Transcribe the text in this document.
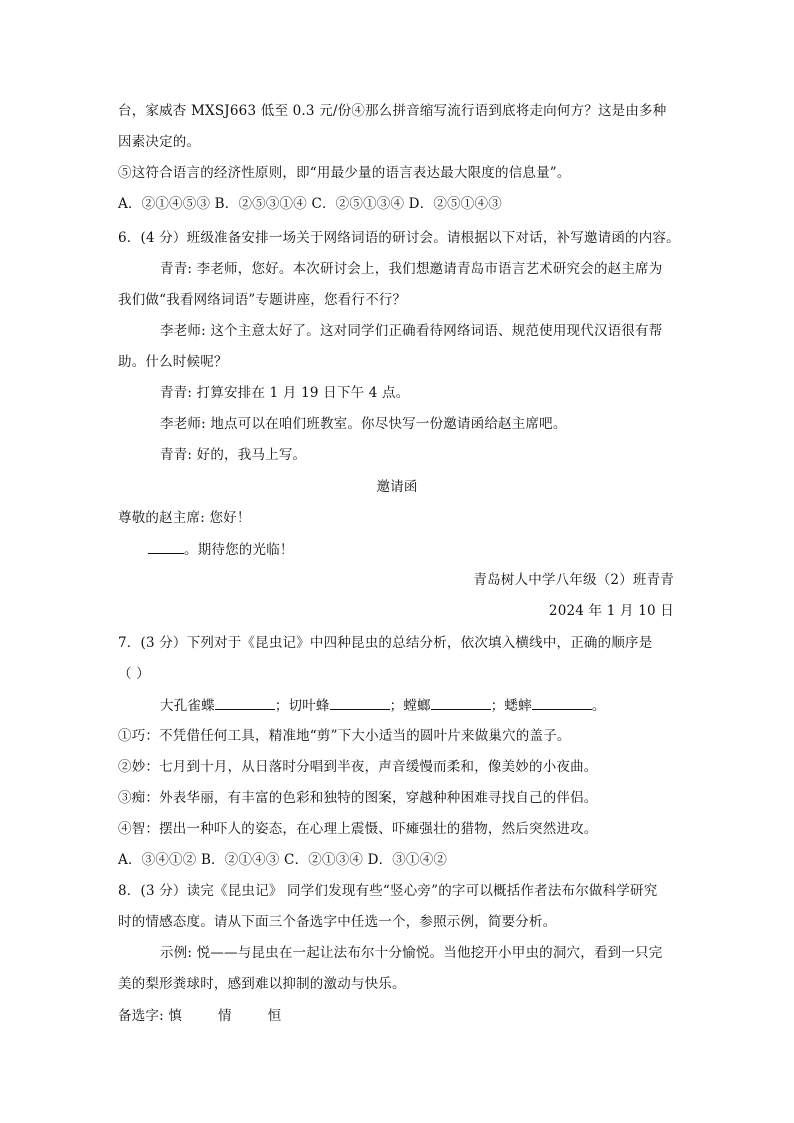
台，家威杏 MXSJ663 低至 0.3 元/份④那么拼音缩写流行语到底将走向何方？这是由多种
因素决定的。
⑤这符合语言的经济性原则，即“用最少量的语言表达最大限度的信息量”。
A．②①④⑤③ B．②⑤③①④ C．②⑤①③④ D．②⑤①④③
6．(4 分）班级准备安排一场关于网络词语的研讨会。请根据以下对话，补写邀请函的内容。
青青: 李老师，您好。本次研讨会上，我们想邀请青岛市语言艺术研究会的赵主席为
我们做“我看网络词语”专题讲座，您看行不行？
李老师: 这个主意太好了。这对同学们正确看待网络词语、规范使用现代汉语很有帮
助。什么时候呢？
青青: 打算安排在 1 月 19 日下午 4 点。
李老师: 地点可以在咱们班教室。你尽快写一份邀请函给赵主席吧。
青青: 好的，我马上写。
邀请函
尊敬的赵主席: 您好！
。期待您的光临！
青岛树人中学八年级（2）班青青
2024 年 1 月 10 日
7．(3 分）下列对于《昆虫记》中四种昆虫的总结分析，依次填入横线中，正确的顺序是
（ ）
大孔雀蝶	；切叶蜂	；螳螂	；蟋蟀	。
①巧：不凭借任何工具，精准地“剪”下大小适当的圆叶片来做巢穴的盖子。
②妙：七月到十月，从日落时分唱到半夜，声音缓慢而柔和，像美妙的小夜曲。
③痴：外表华丽，有丰富的色彩和独特的图案，穿越种种困难寻找自己的伴侣。
④智：摆出一种吓人的姿态，在心理上震慑、吓瘫强壮的猎物，然后突然进攻。
A．③④①② B．②①④③ C．②①③④ D．③①④②
8．(3 分）读完《昆虫记》 同学们发现有些“竖心旁”的字可以概括作者法布尔做科学研究
时的情感态度。请从下面三个备选字中任选一个，参照示例，简要分析。
示例: 悦——与昆虫在一起让法布尔十分愉悦。当他挖开小甲虫的洞穴，看到一只完
美的梨形粪球时，感到难以抑制的激动与快乐。
备选字: 慎	情	恒
